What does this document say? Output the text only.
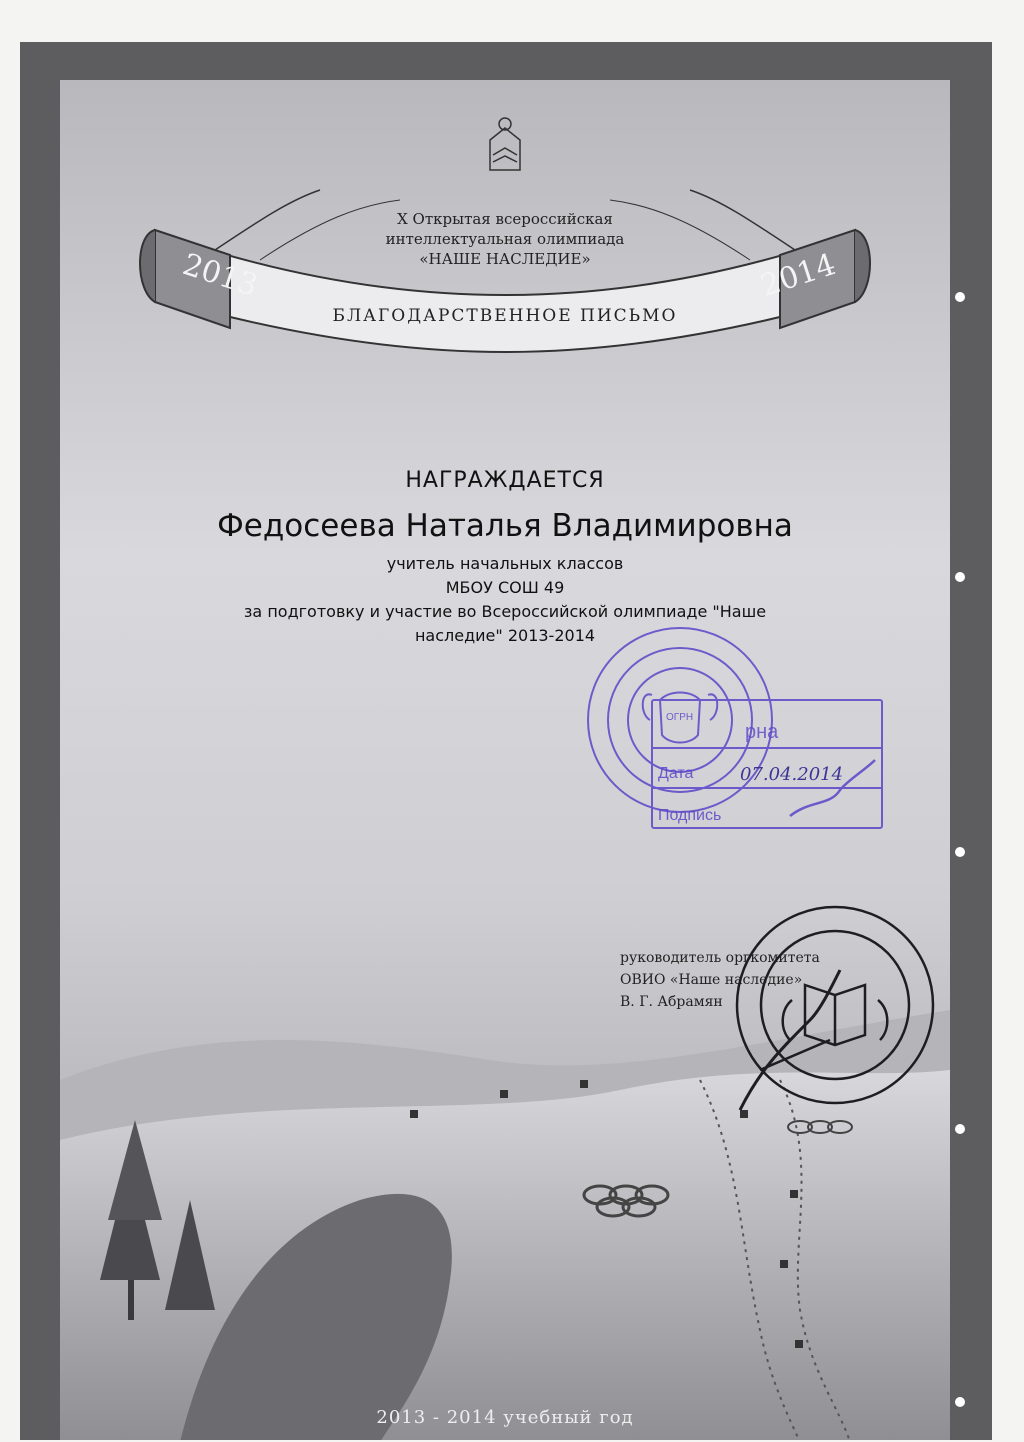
X Открытая всероссийская
интеллектуальная олимпиада
«НАШЕ НАСЛЕДИЕ»
2013	2014
БЛАГОДАРСТВЕННОЕ ПИСЬМО
НАГРАЖДАЕТСЯ
Федосеева Наталья Владимировна
учитель начальных классов
МБОУ СОШ 49
за подготовку и участие во Всероссийской олимпиаде "Наше
наследие" 2013-2014
рна
Дата	07.04.2014
Подпись
ОГРН
руководитель оргкомитета
ОВИО «Наше наследие»
В. Г. Абрамян
2013 - 2014 учебный год
